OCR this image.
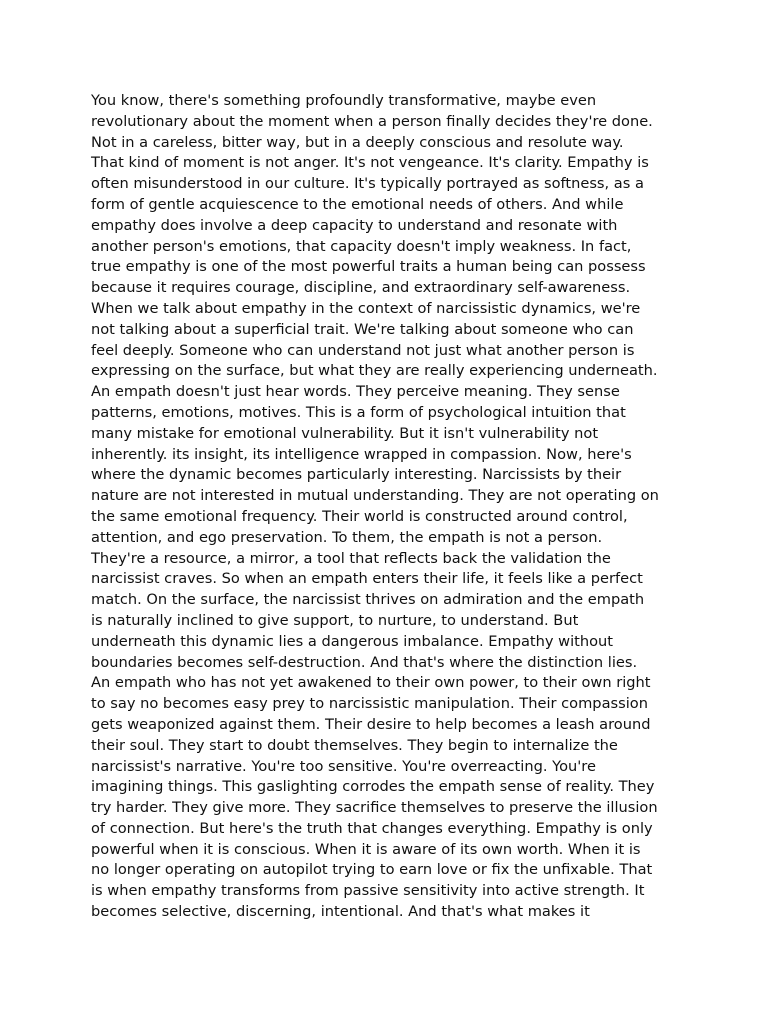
You know, there's something profoundly transformative, maybe even
revolutionary about the moment when a person finally decides they're done.
Not in a careless, bitter way, but in a deeply conscious and resolute way.
That kind of moment is not anger. It's not vengeance. It's clarity. Empathy is
often misunderstood in our culture. It's typically portrayed as softness, as a
form of gentle acquiescence to the emotional needs of others. And while
empathy does involve a deep capacity to understand and resonate with
another person's emotions, that capacity doesn't imply weakness. In fact,
true empathy is one of the most powerful traits a human being can possess
because it requires courage, discipline, and extraordinary self-awareness.
When we talk about empathy in the context of narcissistic dynamics, we're
not talking about a superficial trait. We're talking about someone who can
feel deeply. Someone who can understand not just what another person is
expressing on the surface, but what they are really experiencing underneath.
An empath doesn't just hear words. They perceive meaning. They sense
patterns, emotions, motives. This is a form of psychological intuition that
many mistake for emotional vulnerability. But it isn't vulnerability not
inherently. its insight, its intelligence wrapped in compassion. Now, here's
where the dynamic becomes particularly interesting. Narcissists by their
nature are not interested in mutual understanding. They are not operating on
the same emotional frequency. Their world is constructed around control,
attention, and ego preservation. To them, the empath is not a person.
They're a resource, a mirror, a tool that reflects back the validation the
narcissist craves. So when an empath enters their life, it feels like a perfect
match. On the surface, the narcissist thrives on admiration and the empath
is naturally inclined to give support, to nurture, to understand. But
underneath this dynamic lies a dangerous imbalance. Empathy without
boundaries becomes self-destruction. And that's where the distinction lies.
An empath who has not yet awakened to their own power, to their own right
to say no becomes easy prey to narcissistic manipulation. Their compassion
gets weaponized against them. Their desire to help becomes a leash around
their soul. They start to doubt themselves. They begin to internalize the
narcissist's narrative. You're too sensitive. You're overreacting. You're
imagining things. This gaslighting corrodes the empath sense of reality. They
try harder. They give more. They sacrifice themselves to preserve the illusion
of connection. But here's the truth that changes everything. Empathy is only
powerful when it is conscious. When it is aware of its own worth. When it is
no longer operating on autopilot trying to earn love or fix the unfixable. That
is when empathy transforms from passive sensitivity into active strength. It
becomes selective, discerning, intentional. And that's what makes it
